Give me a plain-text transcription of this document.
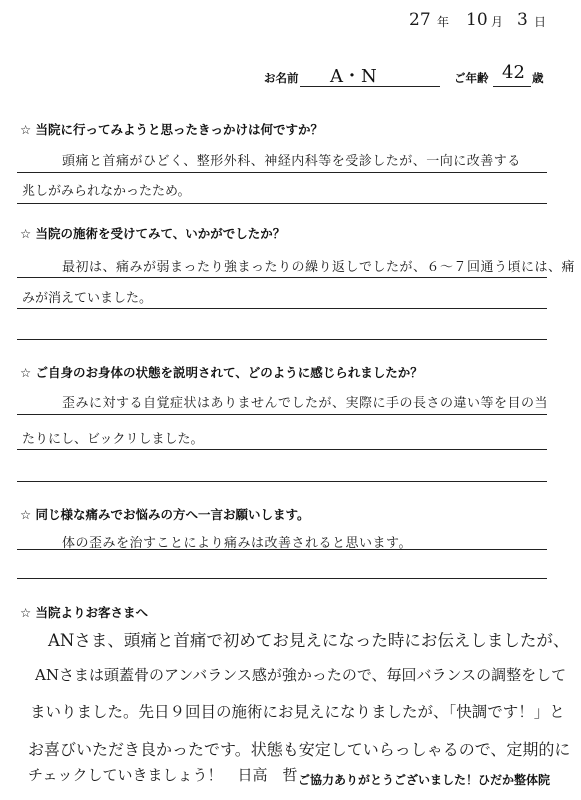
27 年 10 月 3 日
お名前 A・N	ご年齢 42 歳
☆ 当院に行ってみようと思ったきっかけは何ですか？
頭痛と首痛がひどく、整形外科、神経内科等を受診したが、一向に改善する
兆しがみられなかったため。
☆ 当院の施術を受けてみて、いかがでしたか？
最初は、痛みが弱まったり強まったりの繰り返しでしたが、６～７回通う頃には、痛
みが消えていました。
☆ ご自身のお身体の状態を説明されて、どのように感じられましたか？
歪みに対する自覚症状はありませんでしたが、実際に手の長さの違い等を目の当
たりにし、ビックリしました。
☆ 同じ様な痛みでお悩みの方へ一言お願いします。
体の歪みを治すことにより痛みは改善されると思います。
☆ 当院よりお客さまへ
ANさま、頭痛と首痛で初めてお見えになった時にお伝えしましたが、
ANさまは頭蓋骨のアンバランス感が強かったので、毎回バランスの調整をして
まいりました。先日９回目の施術にお見えになりましたが、「快調です！」と
お喜びいただき良かったです。状態も安定していらっしゃるので、定期的に
チェックしていきましょう！　日高　哲 ご協力ありがとうございました！ ひだか整体院
